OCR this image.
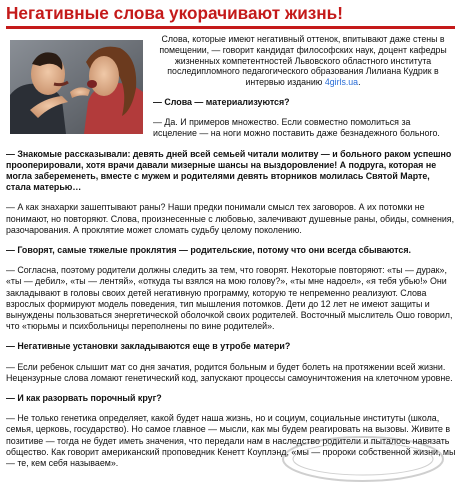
Негативные слова укорачивают жизнь!

Слова, которые имеют негативный оттенок, впитывают даже стены в помещении, — говорит кандидат философских наук, доцент кафедры жизненных компетентностей Львовского областного института последипломного педагогического образования Лилиана Кудрик в интервью изданию 4girls.ua.

— Слова — материализуются?

— Да. И примеров множество. Если совместно помолиться за исцеление — на ноги можно поставить даже безнадежного больного.

— Знакомые рассказывали: девять дней всей семьей читали молитву — и больного раком успешно прооперировали, хотя врачи давали мизерные шансы на выздоровление! А подруга, которая не могла забеременеть, вместе с мужем и родителями девять вторников молилась Святой Марте, стала матерью…

— А как знахарки зашептывают раны? Наши предки понимали смысл тех заговоров. А их потомки не понимают, но повторяют. Слова, произнесенные с любовью, залечивают душевные раны, обиды, сомнения, разочарования. А проклятие может сломать судьбу целому поколению.

— Говорят, самые тяжелые проклятия — родительские, потому что они всегда сбываются.

— Согласна, поэтому родители должны следить за тем, что говорят. Некоторые повторяют: «ты — дурак», «ты — дебил», «ты — лентяй», «откуда ты взялся на мою голову?», «ты мне надоел», «я тебя убью!» Они закладывают в головы своих детей негативную программу, которую те непременно реализуют. Слова взрослых формируют модель поведения, тип мышления потомков. Дети до 12 лет не имеют защиты и вынуждены пользоваться энергетической оболочкой своих родителей. Восточный мыслитель Ошо говорил, что «тюрьмы и психбольницы переполнены по вине родителей».

— Негативные установки закладываются еще в утробе матери?

— Если ребенок слышит мат со дня зачатия, родится больным и будет болеть на протяжении всей жизни. Нецензурные слова ломают генетический код, запускают процессы самоуничтожения на клеточном уровне.

— И как разорвать порочный круг?

— Не только генетика определяет, какой будет наша жизнь, но и социум, социальные институты (школа, семья, церковь, государство). Но самое главное — мысли, как мы будем реагировать на вызовы. Живите в позитиве — тогда не будет иметь значения, что передали нам в наследство родители и пыталось навязать общество. Как говорит американский проповедник Кенетт Коуплэнд, «мы — пророки собственной жизни, мы — те, кем себя называем».
